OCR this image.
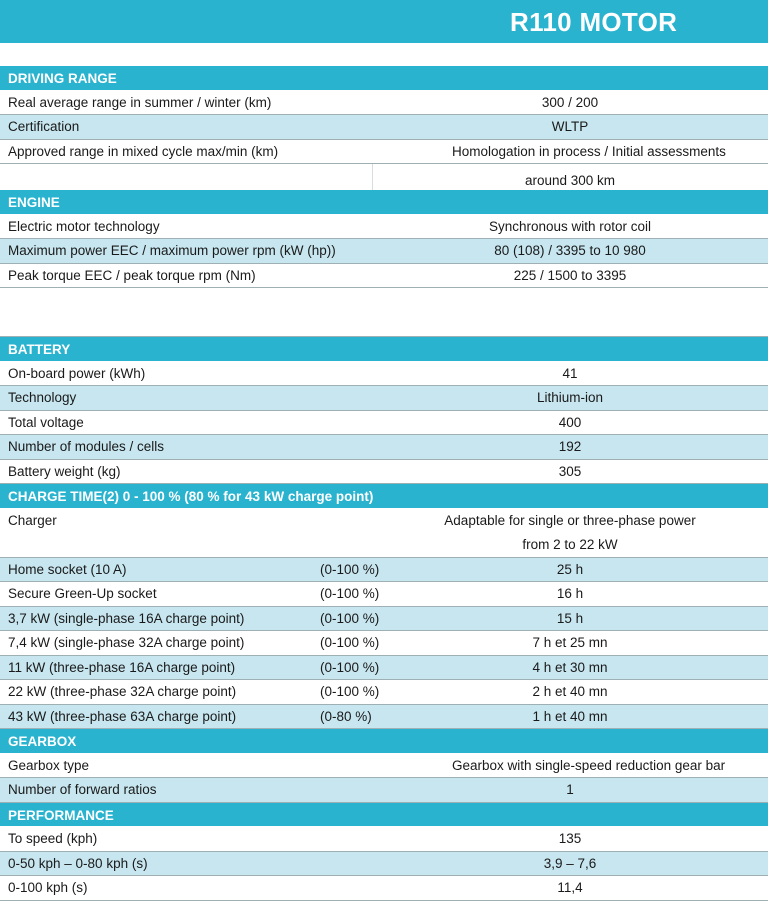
R110 MOTOR
DRIVING RANGE
Real average range in summer / winter (km)	300 / 200
Certification	WLTP
Approved range in mixed cycle max/min (km)	Homologation in process / Initial assessments
around 300 km
ENGINE
Electric motor technology	Synchronous with rotor coil
Maximum power EEC / maximum power rpm (kW (hp))	80 (108) / 3395 to 10 980
Peak torque EEC / peak torque rpm (Nm)	225 / 1500 to 3395
BATTERY
On-board power (kWh)	41
Technology	Lithium-ion
Total voltage	400
Number of modules / cells	192
Battery weight (kg)	305
CHARGE TIME(2) 0 - 100 % (80 % for 43 kW charge point)
Charger	Adaptable for single or three-phase power
from 2 to 22 kW
Home socket (10 A)	(0-100 %)	25 h
Secure Green-Up socket	(0-100 %)	16 h
3,7 kW (single-phase 16A charge point)	(0-100 %)	15 h
7,4 kW (single-phase 32A charge point)	(0-100 %)	7 h et 25 mn
11 kW (three-phase 16A charge point)	(0-100 %)	4 h et 30 mn
22 kW (three-phase 32A charge point)	(0-100 %)	2 h et 40 mn
43 kW (three-phase 63A charge point)	(0-80 %)	1 h et 40 mn
GEARBOX
Gearbox type	Gearbox with single-speed reduction gear bar
Number of forward ratios	1
PERFORMANCE
To speed (kph)	135
0-50 kph – 0-80 kph (s)	3,9 – 7,6
0-100 kph (s)	11,4
